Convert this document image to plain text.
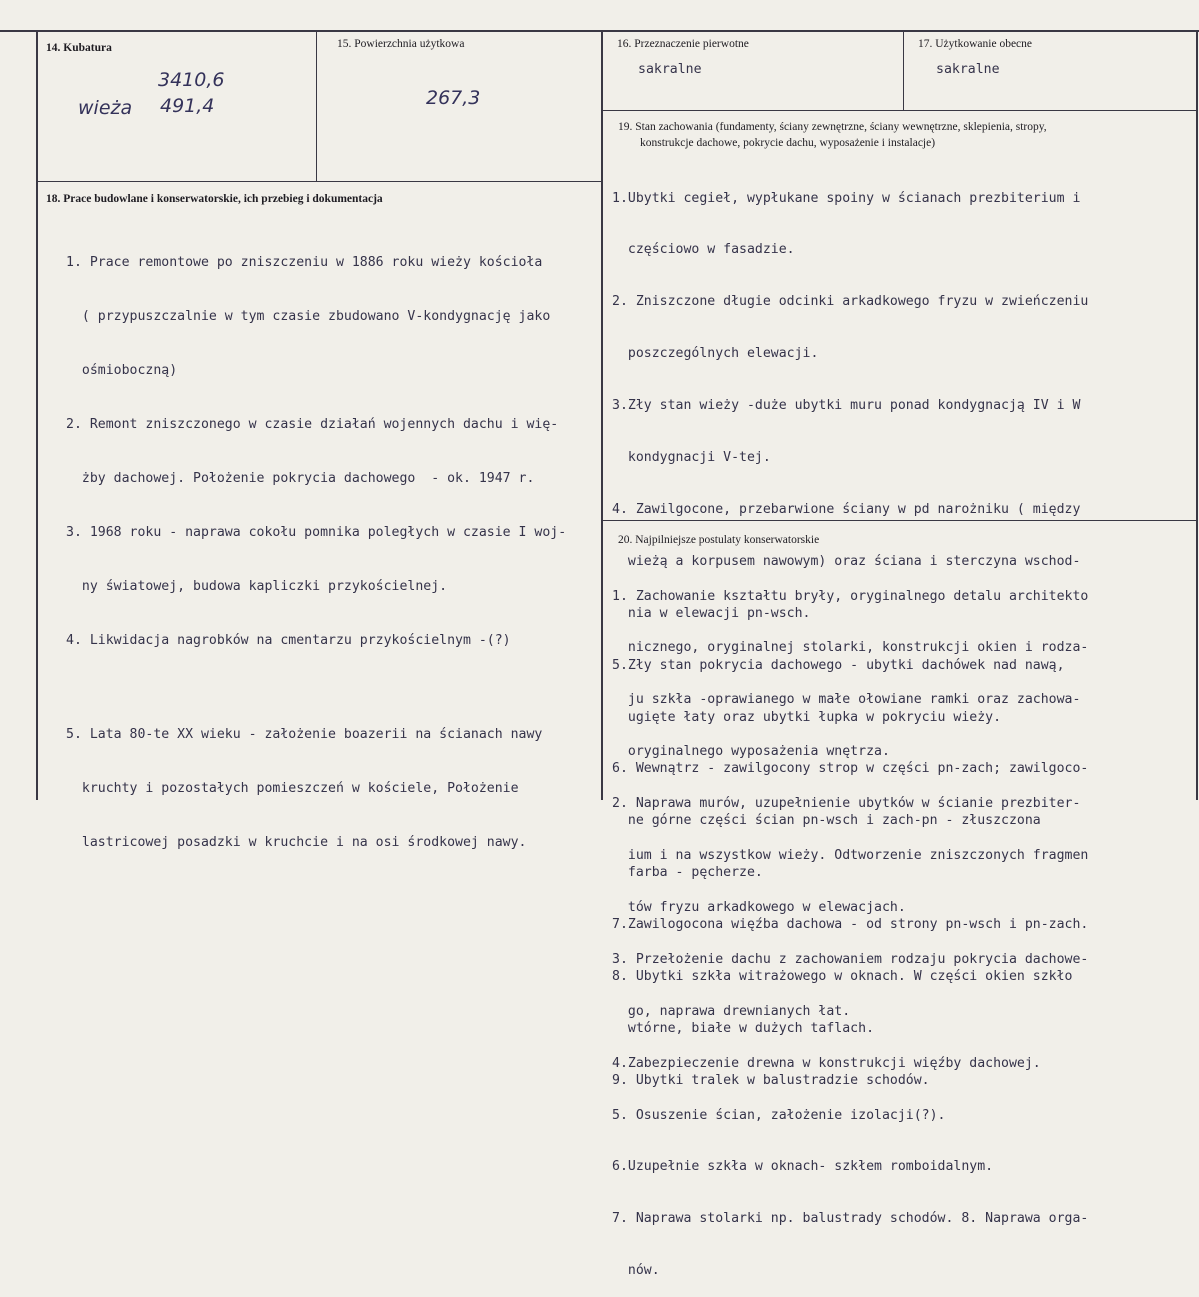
14. Kubatura
3410,6
wieża 491,4
15. Powierzchnia użytkowa
267,3
16. Przeznaczenie pierwotne
sakralne
17. Użytkowanie obecne
sakralne
18. Prace budowlane i konserwatorskie, ich przebieg i dokumentacja

1. Prace remontowe po zniszczeniu w 1886 roku wieży kościoła

( przypuszczalnie w tym czasie zbudowano V-kondygnację jako

ośmioboczną)

2. Remont zniszczonego w czasie działań wojennych dachu i wię-

żby dachowej. Położenie pokrycia dachowego  - ok. 1947 r.

3. 1968 roku - naprawa cokołu pomnika poległych w czasie I woj-

ny światowej, budowa kapliczki przykościelnej.

4. Likwidacja nagrobków na cmentarzu przykościelnym -(?)

5. Lata 80-te XX wieku - założenie boazerii na ścianach nawy

kruchty i pozostałych pomieszczeń w kościele, Położenie

lastricowej posadzki w kruchcie i na osi środkowej nawy.

19. Stan zachowania (fundamenty, ściany zewnętrzne, ściany wewnętrzne, sklepienia, stropy,
konstrukcje dachowe, pokrycie dachu, wyposażenie i instalacje)

1.Ubytki cegieł, wypłukane spoiny w ścianach prezbiterium i

częściowo w fasadzie.

2. Zniszczone długie odcinki arkadkowego fryzu w zwieńczeniu

poszczególnych elewacji.

3.Zły stan wieży -duże ubytki muru ponad kondygnacją IV i W

kondygnacji V-tej.

4. Zawilgocone, przebarwione ściany w pd narożniku ( między

wieżą a korpusem nawowym) oraz ściana i sterczyna wschod-

nia w elewacji pn-wsch.

5.Zły stan pokrycia dachowego - ubytki dachówek nad nawą,

ugięte łaty oraz ubytki łupka w pokryciu wieży.

6. Wewnątrz - zawilgocony strop w części pn-zach; zawilgoco-

ne górne części ścian pn-wsch i zach-pn - złuszczona

farba - pęcherze.

7.Zawilogocona więźba dachowa - od strony pn-wsch i pn-zach.

8. Ubytki szkła witrażowego w oknach. W części okien szkło

wtórne, białe w dużych taflach.

9. Ubytki tralek w balustradzie schodów.

20. Najpilniejsze postulaty konserwatorskie

1. Zachowanie kształtu bryły, oryginalnego detalu architekto

nicznego, oryginalnej stolarki, konstrukcji okien i rodza-

ju szkła -oprawianego w małe ołowiane ramki oraz zachowa-

oryginalnego wyposażenia wnętrza.

2. Naprawa murów, uzupełnienie ubytków w ścianie prezbiter-

ium i na wszystkow wieży. Odtworzenie zniszczonych fragmen

tów fryzu arkadkowego w elewacjach.

3. Przełożenie dachu z zachowaniem rodzaju pokrycia dachowe-

go, naprawa drewnianych łat.

4.Zabezpieczenie drewna w konstrukcji więźby dachowej.

5. Osuszenie ścian, założenie izolacji(?).

6.Uzupełnie szkła w oknach- szkłem romboidalnym.

7. Naprawa stolarki np. balustrady schodów. 8. Naprawa orga-

nów.
